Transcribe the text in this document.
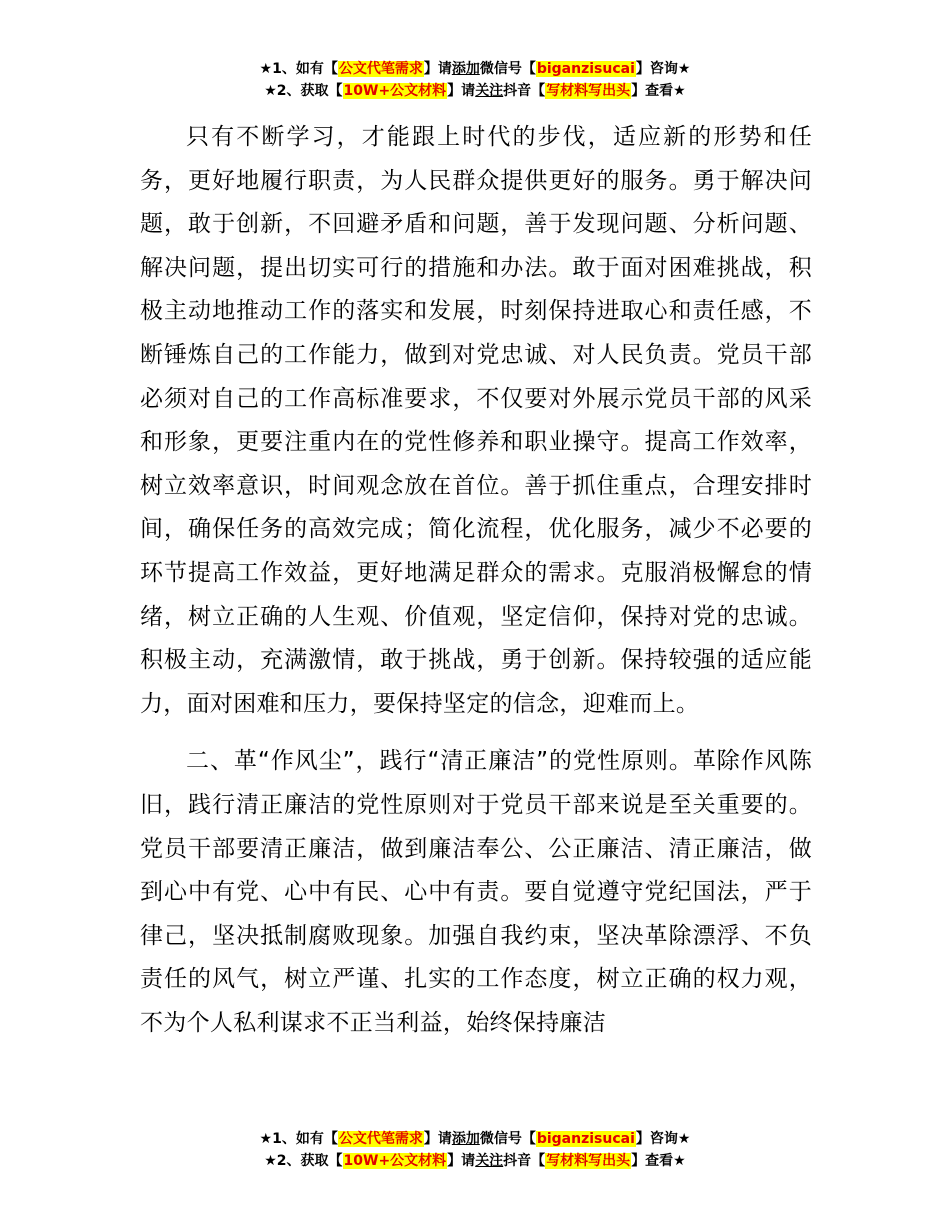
★1、如有【公文代笔需求】请添加微信号【biganzisucai】咨询★
★2、获取【10W+公文材料】请关注抖音【写材料写出头】查看★

只有不断学习，才能跟上时代的步伐，适应新的形势和任务，更好地履行职责，为人民群众提供更好的服务。勇于解决问题，敢于创新，不回避矛盾和问题，善于发现问题、分析问题、解决问题，提出切实可行的措施和办法。敢于面对困难挑战，积极主动地推动工作的落实和发展，时刻保持进取心和责任感，不断锤炼自己的工作能力，做到对党忠诚、对人民负责。党员干部必须对自己的工作高标准要求，不仅要对外展示党员干部的风采和形象，更要注重内在的党性修养和职业操守。提高工作效率，树立效率意识，时间观念放在首位。善于抓住重点，合理安排时间，确保任务的高效完成；简化流程，优化服务，减少不必要的环节提高工作效益，更好地满足群众的需求。克服消极懈怠的情绪，树立正确的人生观、价值观，坚定信仰，保持对党的忠诚。积极主动，充满激情，敢于挑战，勇于创新。保持较强的适应能力，面对困难和压力，要保持坚定的信念，迎难而上。

二、革“作风尘”，践行“清正廉洁”的党性原则。革除作风陈旧，践行清正廉洁的党性原则对于党员干部来说是至关重要的。党员干部要清正廉洁，做到廉洁奉公、公正廉洁、清正廉洁，做到心中有党、心中有民、心中有责。要自觉遵守党纪国法，严于律己，坚决抵制腐败现象。加强自我约束，坚决革除漂浮、不负责任的风气，树立严谨、扎实的工作态度，树立正确的权力观，不为个人私利谋求不正当利益，始终保持廉洁

★1、如有【公文代笔需求】请添加微信号【biganzisucai】咨询★
★2、获取【10W+公文材料】请关注抖音【写材料写出头】查看★
